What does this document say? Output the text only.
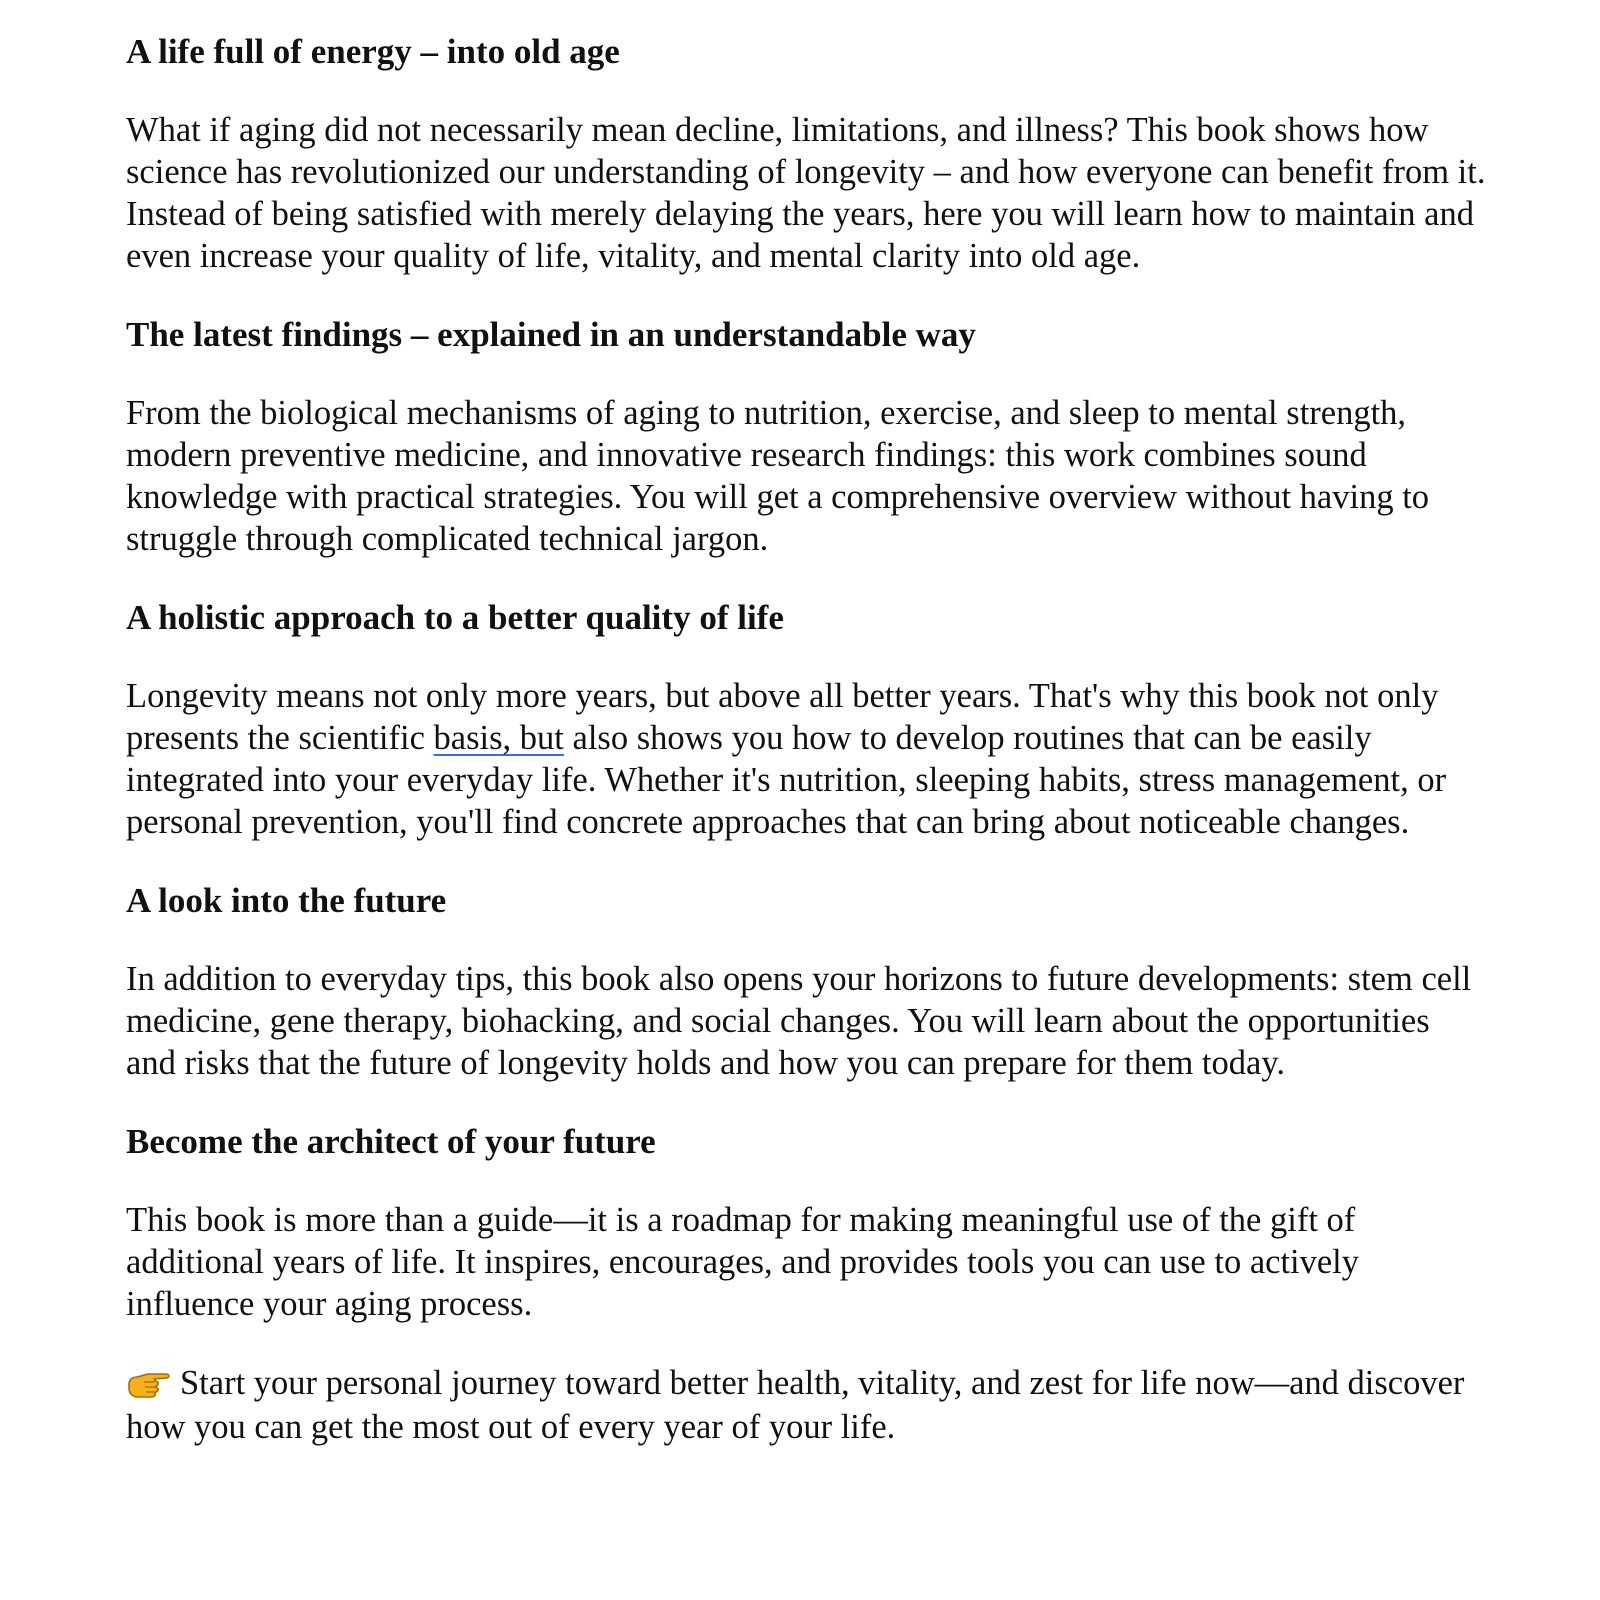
A life full of energy – into old age

What if aging did not necessarily mean decline, limitations, and illness? This book shows how science has revolutionized our understanding of longevity – and how everyone can benefit from it. Instead of being satisfied with merely delaying the years, here you will learn how to maintain and even increase your quality of life, vitality, and mental clarity into old age.

The latest findings – explained in an understandable way

From the biological mechanisms of aging to nutrition, exercise, and sleep to mental strength, modern preventive medicine, and innovative research findings: this work combines sound knowledge with practical strategies. You will get a comprehensive overview without having to struggle through complicated technical jargon.

A holistic approach to a better quality of life

Longevity means not only more years, but above all better years. That's why this book not only presents the scientific basis, but also shows you how to develop routines that can be easily integrated into your everyday life. Whether it's nutrition, sleeping habits, stress management, or personal prevention, you'll find concrete approaches that can bring about noticeable changes.

A look into the future

In addition to everyday tips, this book also opens your horizons to future developments: stem cell medicine, gene therapy, biohacking, and social changes. You will learn about the opportunities and risks that the future of longevity holds and how you can prepare for them today.

Become the architect of your future

This book is more than a guide—it is a roadmap for making meaningful use of the gift of additional years of life. It inspires, encourages, and provides tools you can use to actively influence your aging process.

Start your personal journey toward better health, vitality, and zest for life now—and discover how you can get the most out of every year of your life.
